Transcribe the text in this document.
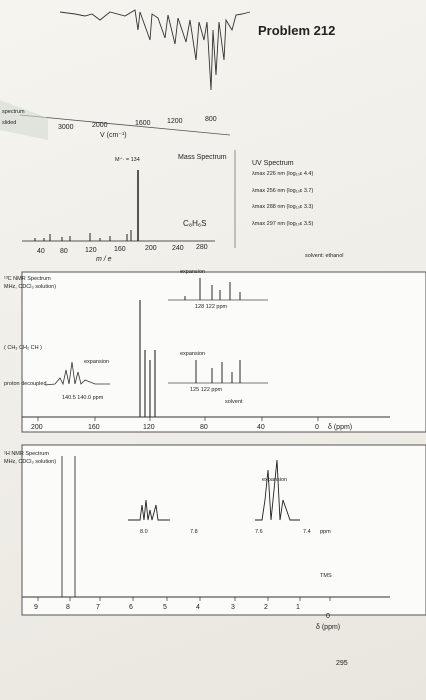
Problem 212
spectrum
slided
3000	2000	1600 1200	800
V (cm⁻¹)
Mass Spectrum
M⁺· = 134
C₈H₆S
40 80 120 160	200 240 280
m / e
UV Spectrum
λmax 226 nm (log₁₀ε 4.4)
λmax 256 nm (log₁₀ε 3.7)
λmax 288 nm (log₁₀ε 3.3)
λmax 297 nm (log₁₀ε 3.5)
solvent: ethanol
¹³C NMR Spectrum
MHz, CDCl₃ solution)
( CH₃ CH₂ CH )
proton decoupled
expansion
128 122 ppm
expansion
125 122 ppm
expansion
140.5 140.0 ppm
solvent
200	160	120	80	40	0 δ (ppm)
¹H NMR Spectrum
MHz, CDCl₃ solution)
expansion
8.0	7.8	7.6	7.4 ppm
TMS
9	8	7	6	5	4	3	2	1
0
δ (ppm)
295
